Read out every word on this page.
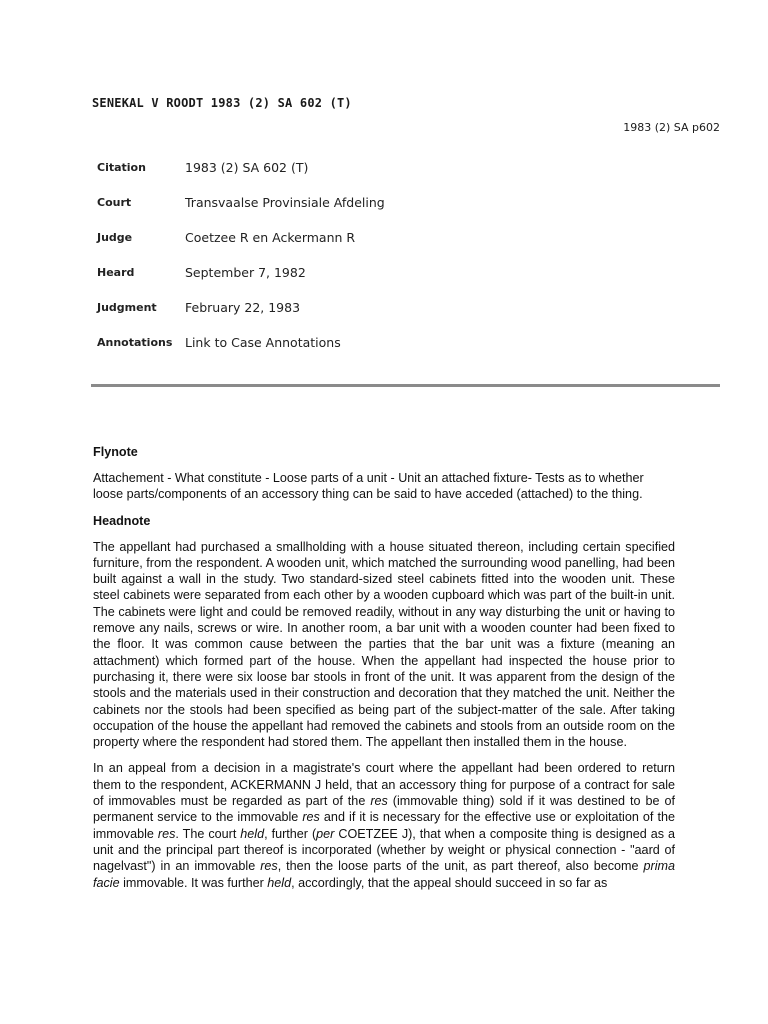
SENEKAL V ROODT 1983 (2) SA 602 (T)
1983 (2) SA p602
Citation	1983 (2) SA 602 (T)
Court	Transvaalse Provinsiale Afdeling
Judge	Coetzee R en Ackermann R
Heard	September 7, 1982
Judgment	February 22, 1983
Annotations	Link to Case Annotations
Flynote

Attachement - What constitute - Loose parts of a unit - Unit an attached fixture- Tests as to whether loose parts/components of an accessory thing can be said to have acceded (attached) to the thing.

Headnote

The appellant had purchased a smallholding with a house situated thereon, including certain specified furniture, from the respondent. A wooden unit, which matched the surrounding wood panelling, had been built against a wall in the study. Two standard-sized steel cabinets fitted into the wooden unit. These steel cabinets were separated from each other by a wooden cupboard which was part of the built-in unit. The cabinets were light and could be removed readily, without in any way disturbing the unit or having to remove any nails, screws or wire. In another room, a bar unit with a wooden counter had been fixed to the floor. It was common cause between the parties that the bar unit was a fixture (meaning an attachment) which formed part of the house. When the appellant had inspected the house prior to purchasing it, there were six loose bar stools in front of the unit. It was apparent from the design of the stools and the materials used in their construction and decoration that they matched the unit. Neither the cabinets nor the stools had been specified as being part of the subject-matter of the sale. After taking occupation of the house the appellant had removed the cabinets and stools from an outside room on the property where the respondent had stored them. The appellant then installed them in the house.

In an appeal from a decision in a magistrate's court where the appellant had been ordered to return them to the respondent, ACKERMANN J held, that an accessory thing for purpose of a contract for sale of immovables must be regarded as part of the res (immovable thing) sold if it was destined to be of permanent service to the immovable res and if it is necessary for the effective use or exploitation of the immovable res. The court held, further (per COETZEE J), that when a composite thing is designed as a unit and the principal part thereof is incorporated (whether by weight or physical connection - "aard of nagelvast") in an immovable res, then the loose parts of the unit, as part thereof, also become prima facie immovable. It was further held, accordingly, that the appeal should succeed in so far as
